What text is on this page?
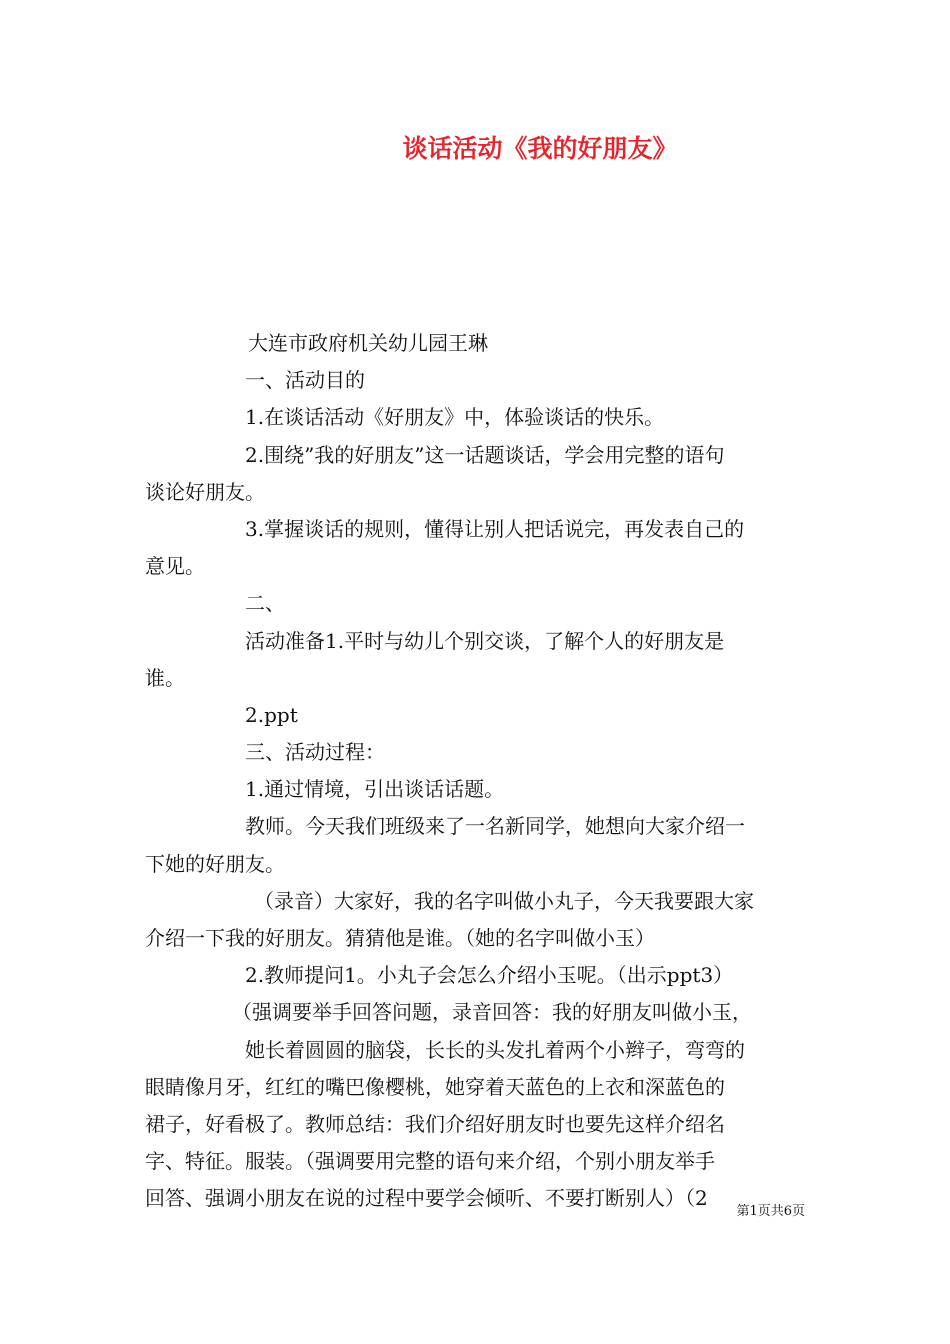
谈话活动《我的好朋友》
大连市政府机关幼儿园王琳
一、活动目的
1.在谈话活动《好朋友》中，体验谈话的快乐。
2.围绕”我的好朋友”这一话题谈话，学会用完整的语句
谈论好朋友。
3.掌握谈话的规则，懂得让别人把话说完，再发表自己的
意见。
二、
活动准备1.平时与幼儿个别交谈，了解个人的好朋友是
谁。
2.ppt
三、活动过程：
1.通过情境，引出谈话话题。
教师。今天我们班级来了一名新同学，她想向大家介绍一
下她的好朋友。
（录音）大家好，我的名字叫做小丸子，今天我要跟大家
介绍一下我的好朋友。猜猜他是谁。（她的名字叫做小玉）
2.教师提问1。小丸子会怎么介绍小玉呢。（出示ppt3）
（强调要举手回答问题，录音回答：我的好朋友叫做小玉，
她长着圆圆的脑袋，长长的头发扎着两个小辫子，弯弯的
眼睛像月牙，红红的嘴巴像樱桃，她穿着天蓝色的上衣和深蓝色的
裙子，好看极了。教师总结：我们介绍好朋友时也要先这样介绍名
字、特征。服装。（强调要用完整的语句来介绍，个别小朋友举手
回答、强调小朋友在说的过程中要学会倾听、不要打断别人）（2
第1页共6页
